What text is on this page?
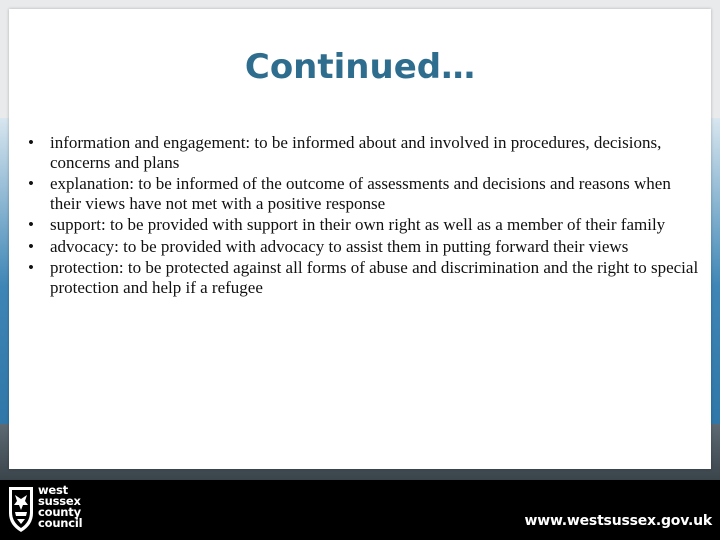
Continued…
• information and engagement: to be informed about and involved in procedures, decisions, concerns and plans
• explanation: to be informed of the outcome of assessments and decisions and reasons when their views have not met with a positive response
• support: to be provided with support in their own right as well as a member of their family
• advocacy: to be provided with advocacy to assist them in putting forward their views
• protection: to be protected against all forms of abuse and discrimination and the right to special protection and help if a refugee
west
sussex
county
council	www.westsussex.gov.uk
